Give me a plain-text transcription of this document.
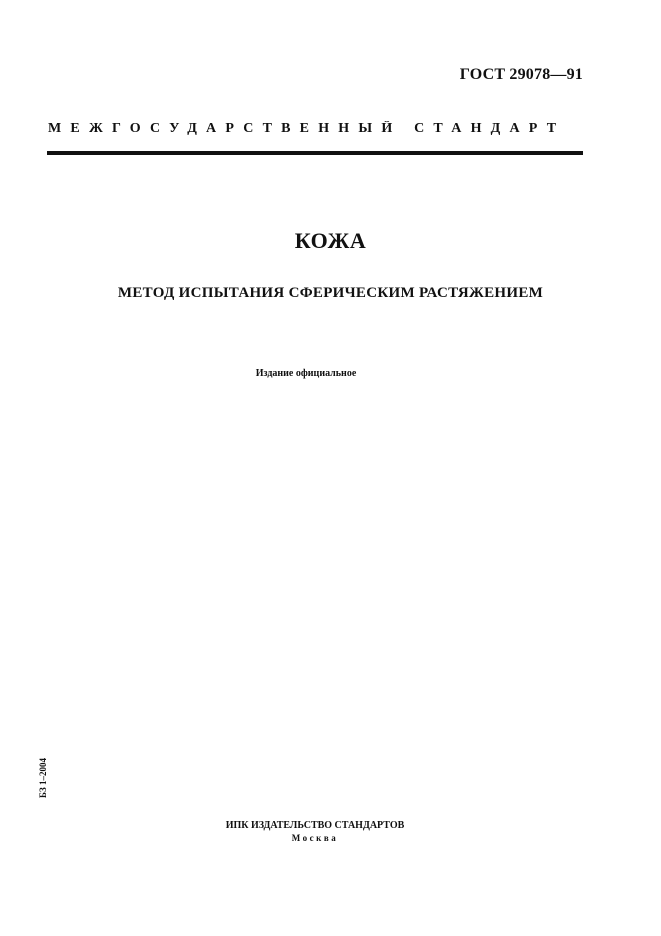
ГОСТ 29078—91
МЕЖГОСУДАРСТВЕННЫЙ СТАНДАРТ
КОЖА
МЕТОД ИСПЫТАНИЯ СФЕРИЧЕСКИМ РАСТЯЖЕНИЕМ
Издание официальное
БЗ 1–2004
ИПК ИЗДАТЕЛЬСТВО СТАНДАРТОВ
Москва
